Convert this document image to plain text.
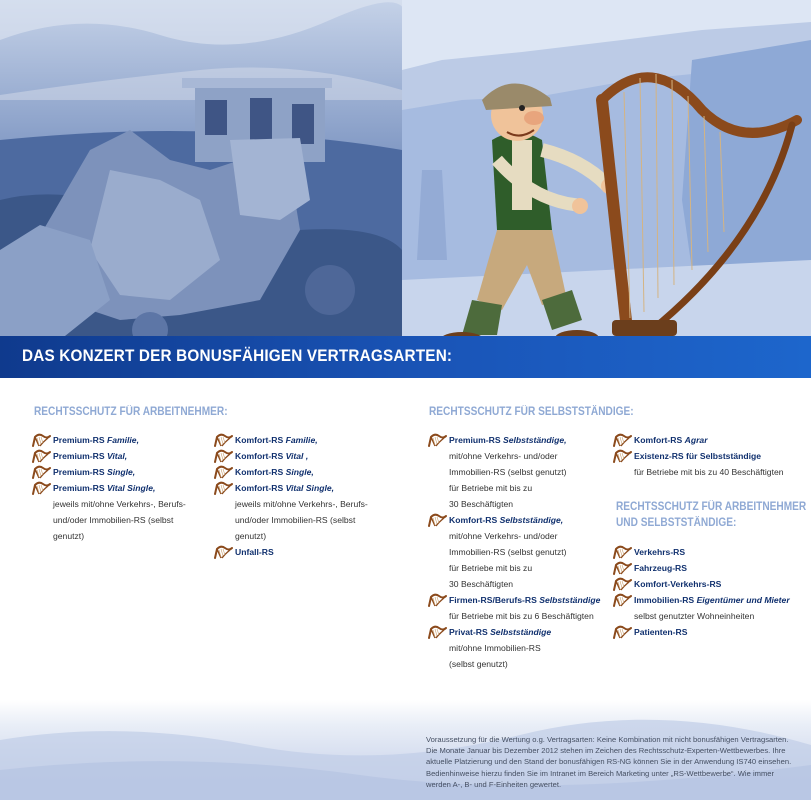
DAS KONZERT DER BONUSFÄHIGEN VERTRAGSARTEN:
RECHTSSCHUTZ FÜR ARBEITNEHMER:
Premium-RS Familie,
Premium-RS Vital,
Premium-RS Single,
Premium-RS Vital Single,
jeweils mit/ohne Verkehrs-, Berufs-
und/oder Immobilien-RS (selbst
genutzt)
Komfort-RS Familie,
Komfort-RS Vital ,
Komfort-RS Single,
Komfort-RS Vital Single,
jeweils mit/ohne Verkehrs-, Berufs-
und/oder Immobilien-RS (selbst
genutzt)
Unfall-RS
RECHTSSCHUTZ FÜR SELBSTSTÄNDIGE:
Premium-RS Selbstständige,
mit/ohne Verkehrs- und/oder
Immobilien-RS (selbst genutzt)
für Betriebe mit bis zu
30 Beschäftigten
Komfort-RS Selbstständige,
mit/ohne Verkehrs- und/oder
Immobilien-RS (selbst genutzt)
für Betriebe mit bis zu
30 Beschäftigten
Firmen-RS/Berufs-RS Selbstständige
für Betriebe mit bis zu 6 Beschäftigten
Privat-RS Selbstständige
mit/ohne Immobilien-RS
(selbst genutzt)
Komfort-RS Agrar
Existenz-RS für Selbstständige
für Betriebe mit bis zu 40 Beschäftigten
RECHTSSCHUTZ FÜR ARBEITNEHMER
UND SELBSTSTÄNDIGE:
Verkehrs-RS
Fahrzeug-RS
Komfort-Verkehrs-RS
Immobilien-RS Eigentümer und Mieter
selbst genutzter Wohneinheiten
Patienten-RS
Voraussetzung für die Wertung o.g. Vertragsarten: Keine Kombination mit nicht bonusfähigen Vertragsarten. Die Monate Januar bis Dezember 2012 stehen im Zeichen des Rechtsschutz-Experten-Wettbewerbes. Ihre aktuelle Platzierung und den Stand der bonusfähigen RS-NG können Sie in der Anwendung IS740 einsehen. Bedienhinweise hierzu finden Sie im Intranet im Bereich Marketing unter „RS-Wettbewerbe“. Wie immer werden A-, B- und F-Einheiten gewertet.
